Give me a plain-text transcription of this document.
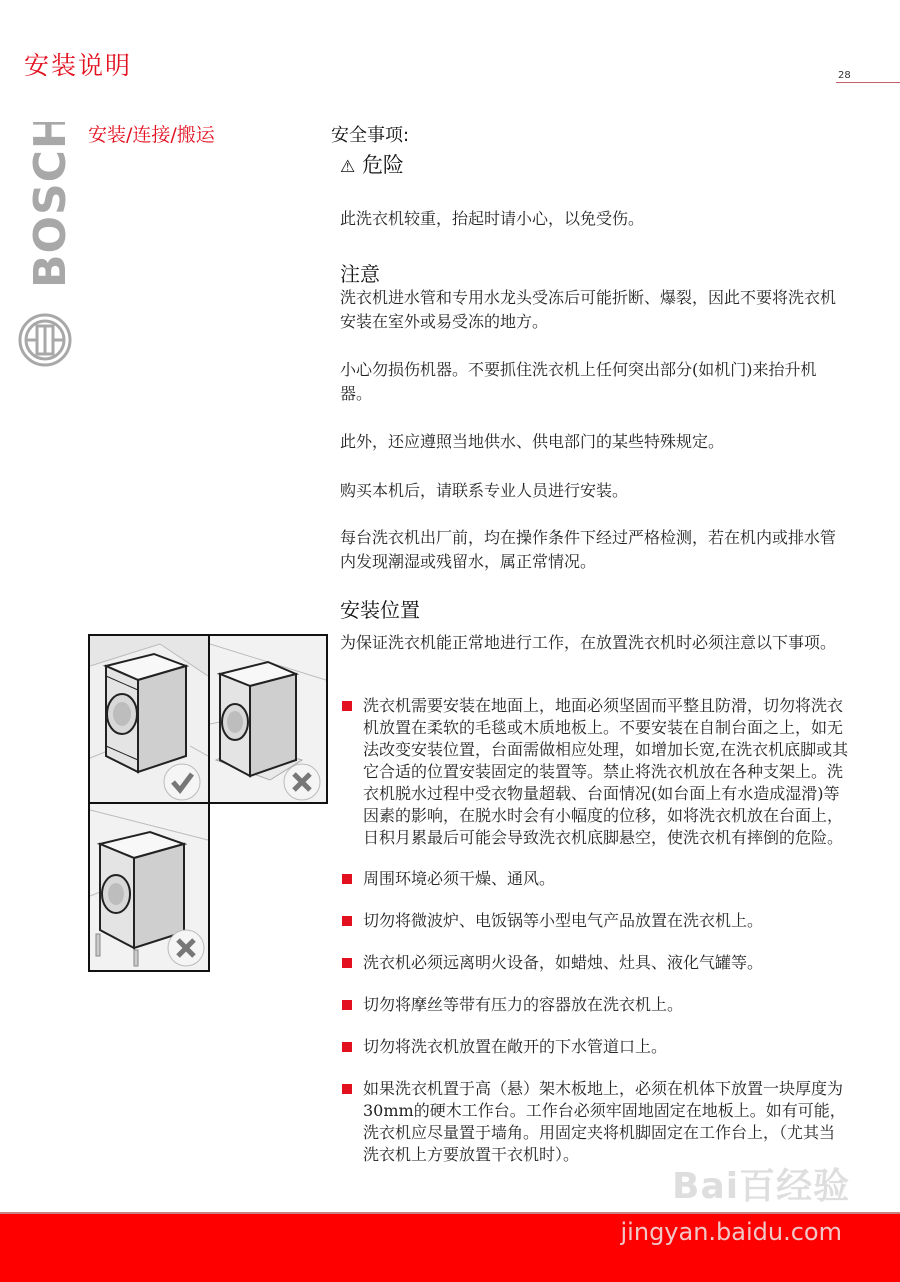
安装说明	28
BOSCH 安装/连接/搬运	安全事项:
⚠ 危险
此洗衣机较重，抬起时请小心，以免受伤。
注意
洗衣机进水管和专用水龙头受冻后可能折断、爆裂，因此不要将洗衣机安装在室外或易受冻的地方。
小心勿损伤机器。不要抓住洗衣机上任何突出部分(如机门)来抬升机器。
此外，还应遵照当地供水、供电部门的某些特殊规定。
购买本机后，请联系专业人员进行安装。
每台洗衣机出厂前，均在操作条件下经过严格检测，若在机内或排水管内发现潮湿或残留水，属正常情况。
安装位置
为保证洗衣机能正常地进行工作，在放置洗衣机时必须注意以下事项。
洗衣机需要安装在地面上，地面必须坚固而平整且防滑，切勿将洗衣机放置在柔软的毛毯或木质地板上。不要安装在自制台面之上，如无法改变安装位置，台面需做相应处理，如增加长宽,在洗衣机底脚或其它合适的位置安装固定的装置等。禁止将洗衣机放在各种支架上。洗衣机脱水过程中受衣物量超载、台面情况(如台面上有水造成湿滑)等因素的影响，在脱水时会有小幅度的位移，如将洗衣机放在台面上，日积月累最后可能会导致洗衣机底脚悬空，使洗衣机有摔倒的危险。
周围环境必须干燥、通风。
切勿将微波炉、电饭锅等小型电气产品放置在洗衣机上。
洗衣机必须远离明火设备，如蜡烛、灶具、液化气罐等。
切勿将摩丝等带有压力的容器放在洗衣机上。
切勿将洗衣机放置在敞开的下水管道口上。
如果洗衣机置于高（悬）架木板地上，必须在机体下放置一块厚度为30mm的硬木工作台。工作台必须牢固地固定在地板上。如有可能，洗衣机应尽量置于墙角。用固定夹将机脚固定在工作台上，（尤其当洗衣机上方要放置干衣机时）。
Bai百经验
jingyan.baidu.com
